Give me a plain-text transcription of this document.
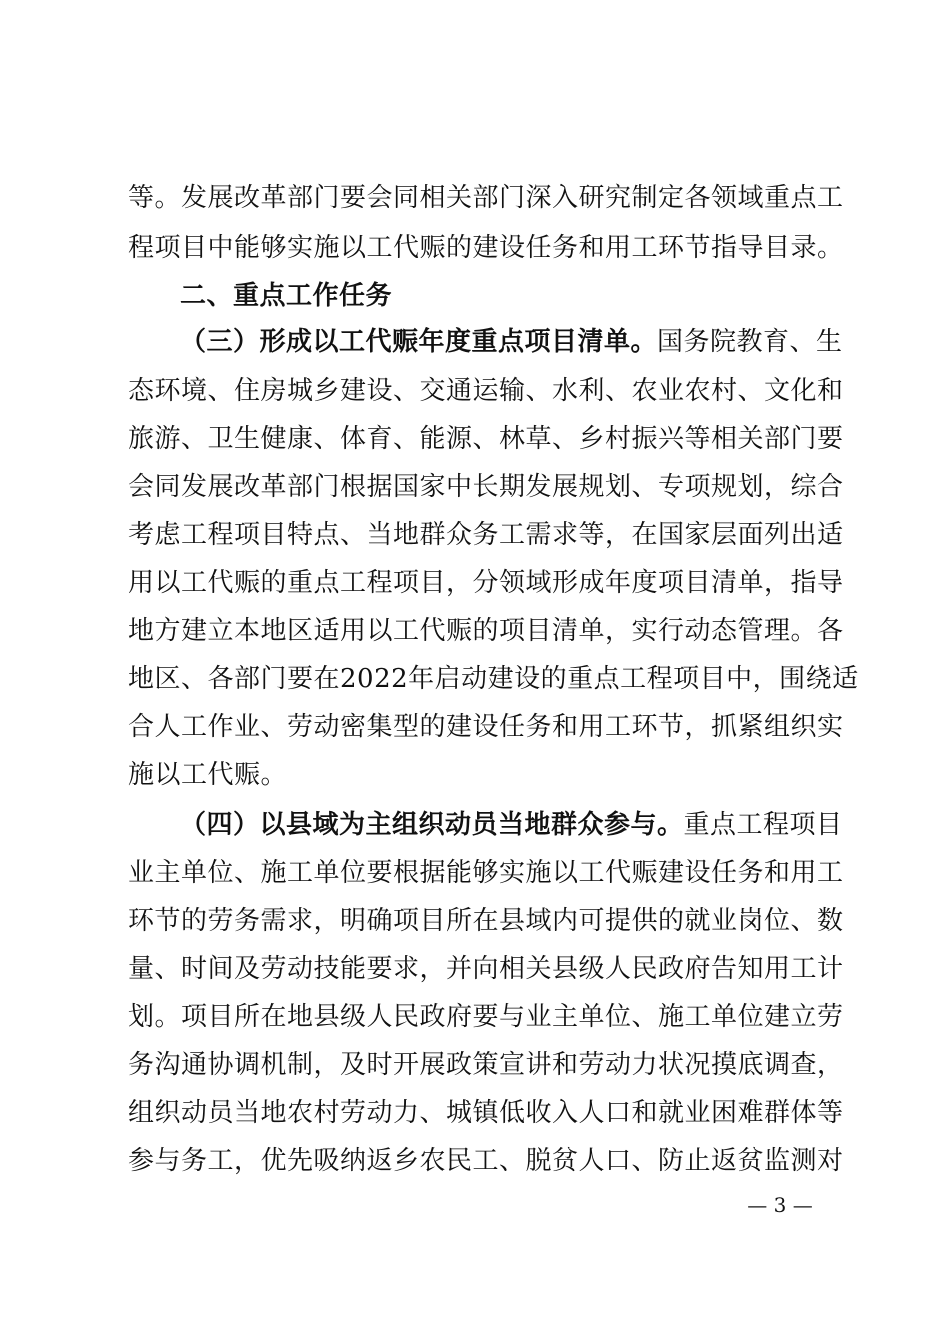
等。发展改革部门要会同相关部门深入研究制定各领域重点工
程项目中能够实施以工代赈的建设任务和用工环节指导目录。
二、重点工作任务
（三）形成以工代赈年度重点项目清单。国务院教育、生
态环境、住房城乡建设、交通运输、水利、农业农村、文化和
旅游、卫生健康、体育、能源、林草、乡村振兴等相关部门要
会同发展改革部门根据国家中长期发展规划、专项规划，综合
考虑工程项目特点、当地群众务工需求等，在国家层面列出适
用以工代赈的重点工程项目，分领域形成年度项目清单，指导
地方建立本地区适用以工代赈的项目清单，实行动态管理。各
地区、各部门要在2022年启动建设的重点工程项目中，围绕适
合人工作业、劳动密集型的建设任务和用工环节，抓紧组织实
施以工代赈。
（四）以县域为主组织动员当地群众参与。重点工程项目
业主单位、施工单位要根据能够实施以工代赈建设任务和用工
环节的劳务需求，明确项目所在县域内可提供的就业岗位、数
量、时间及劳动技能要求，并向相关县级人民政府告知用工计
划。项目所在地县级人民政府要与业主单位、施工单位建立劳
务沟通协调机制，及时开展政策宣讲和劳动力状况摸底调查，
组织动员当地农村劳动力、城镇低收入人口和就业困难群体等
参与务工，优先吸纳返乡农民工、脱贫人口、防止返贫监测对
— 3 —
